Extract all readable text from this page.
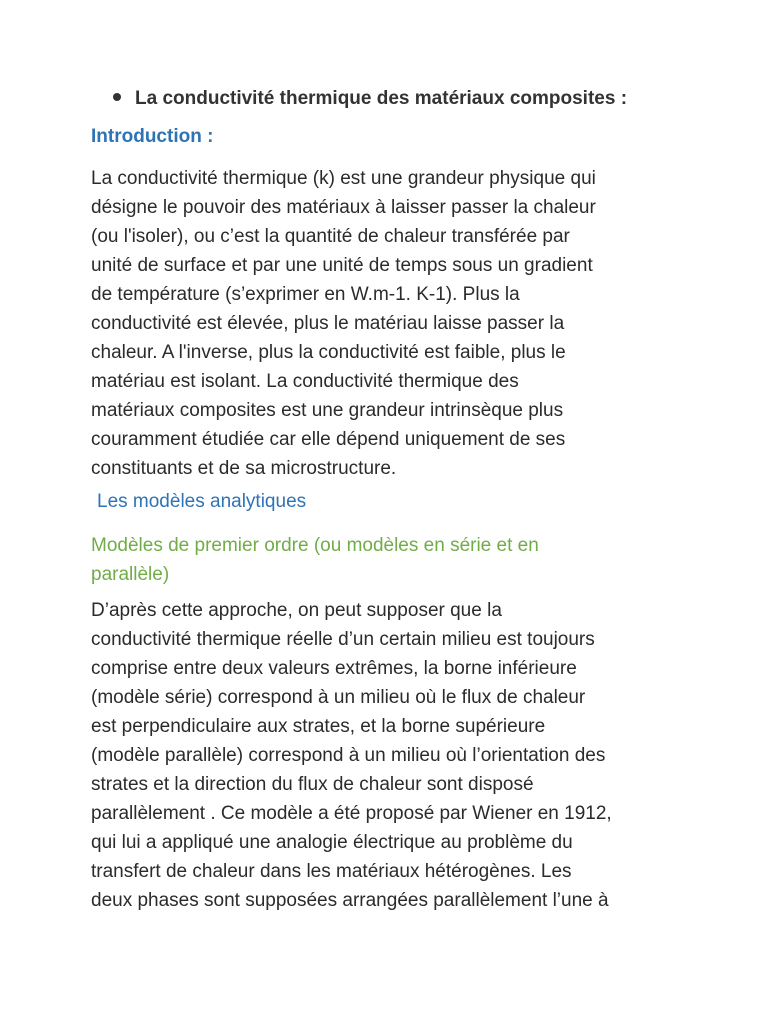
La conductivité thermique des matériaux composites :
Introduction :
La conductivité thermique (k) est une grandeur physique qui
désigne le pouvoir des matériaux à laisser passer la chaleur
(ou l'isoler), ou c’est la quantité de chaleur transférée par
unité de surface et par une unité de temps sous un gradient
de température (s’exprimer en W.m-1. K-1). Plus la
conductivité est élevée, plus le matériau laisse passer la
chaleur. A l'inverse, plus la conductivité est faible, plus le
matériau est isolant. La conductivité thermique des
matériaux composites est une grandeur intrinsèque plus
couramment étudiée car elle dépend uniquement de ses
constituants et de sa microstructure.
Les modèles analytiques
Modèles de premier ordre (ou modèles en série et en
parallèle)
D’après cette approche, on peut supposer que la
conductivité thermique réelle d’un certain milieu est toujours
comprise entre deux valeurs extrêmes, la borne inférieure
(modèle série) correspond à un milieu où le flux de chaleur
est perpendiculaire aux strates, et la borne supérieure
(modèle parallèle) correspond à un milieu où l’orientation des
strates et la direction du flux de chaleur sont disposé
parallèlement . Ce modèle a été proposé par Wiener en 1912,
qui lui a appliqué une analogie électrique au problème du
transfert de chaleur dans les matériaux hétérogènes. Les
deux phases sont supposées arrangées parallèlement l’une à
